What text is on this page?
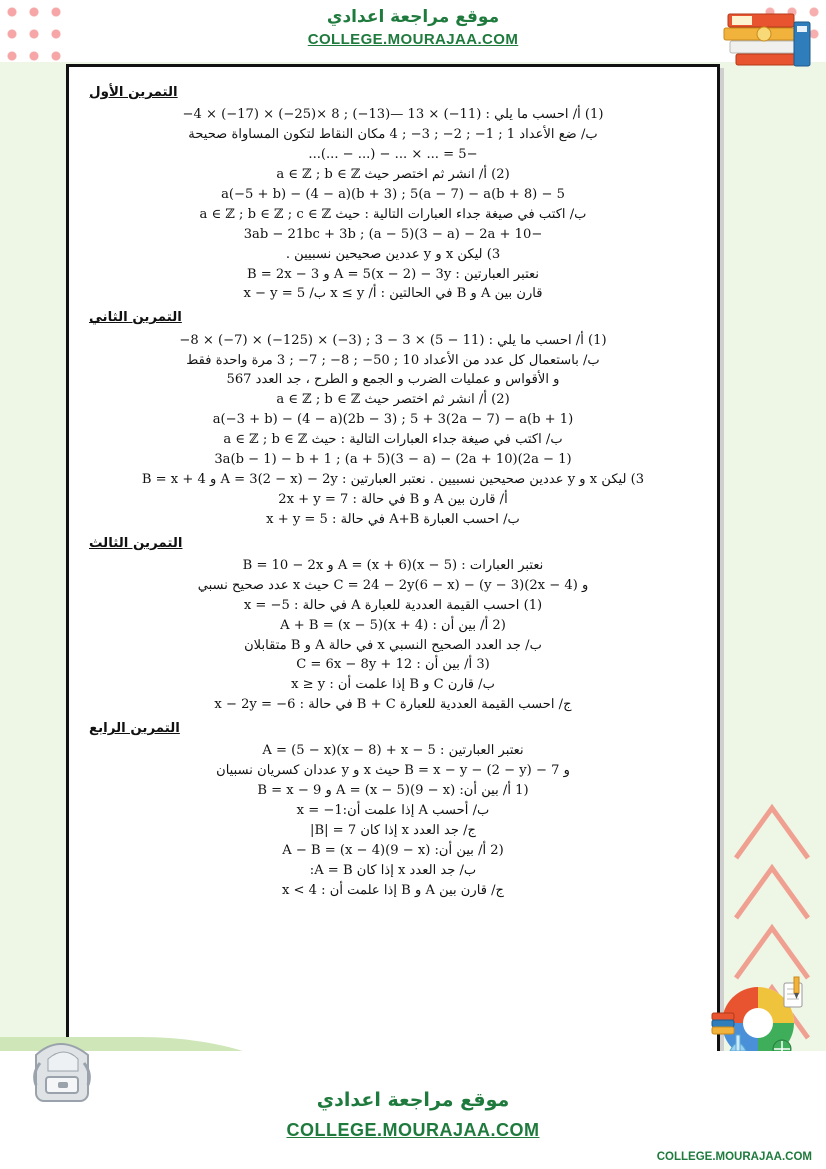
موقع مراجعة اعدادي
COLLEGE.MOURAJAA.COM
التمرين الأول
(1) أ/ احسب ما يلي : (11−) × 13 —(13−) ; 8 ×(25−) × (17−) × 4−
ب/ ضع الأعداد 1 ; 1− ; 2− ; 3− ; 4 مكان النقاط لتكون المساواة صحيحة
−5 = ... × ... − (... − ...)...
(2) أ/ انشر ثم اختصر حيث a ∈ ℤ ; b ∈ ℤ
a(−5 + b) − (4 − a)(b + 3) ; 5(a − 7) − a(b + 8) − 5
ب/ اكتب في صيغة جداء العبارات التالية : حيث a ∈ ℤ ; b ∈ ℤ ; c ∈ ℤ
−3ab − 21bc + 3b ; (a − 5)(3 − a) − 2a + 10
3) ليكن x و y عددين صحيحين نسبيين .
نعتبر العبارتين : A = 5(x − 2) − 3y و B = 2x − 3
قارن بين A و B في الحالتين : أ/ x ≤ y ب/ x − y = 5
التمرين الثاني
(1) أ/ احسب ما يلي : (11 − 5) × 3 − 3 ; (3−) × (125−) × (7−) × 8−
ب/ باستعمال كل عدد من الأعداد 10 ; 50− ; 8− ; 7− ; 3 مرة واحدة فقط
و الأقواس و عمليات الضرب و الجمع و الطرح ، جد العدد 567
(2) أ/ انشر ثم اختصر حيث a ∈ ℤ ; b ∈ ℤ
a(−3 + b) − (4 − a)(2b − 3) ; 5 + 3(2a − 7) − a(b + 1)
ب/ اكتب في صيغة جداء العبارات التالية : حيث a ∈ ℤ ; b ∈ ℤ
3a(b − 1) − b + 1 ; (a + 5)(3 − a) − (2a + 10)(2a − 1)
3) ليكن x و y عددين صحيحين نسبيين . نعتبر العبارتين : A = 3(2 − x) − 2y و B = x + 4
أ/ قارن بين A و B في حالة : 7 = 2x + y
ب/ احسب العبارة A+B في حالة : 5 = x + y
التمرين الثالث
نعتبر العبارات : A = (x + 6)(x − 5) و B = 10 − 2x
و C = 24 − 2y(6 − x) − (y − 3)(2x − 4) حيث x عدد صحيح نسبي
(1) احسب القيمة العددية للعبارة A في حالة : x = −5
(2 أ/ بين أن : A + B = (x − 5)(x + 4)
ب/ جد العدد الصحيح النسبي x في حالة A و B متقابلان
(3 أ/ بين أن : C = 6x − 8y + 12
ب/ قارن C و B إذا علمت أن : x ≥ y
ج/ احسب القيمة العددية للعبارة B + C في حالة : 6− = x − 2y
التمرين الرابع
نعتبر العبارتين : A = (5 − x)(x − 8) + x − 5
و B = x − y − (2 − y) − 7 حيث x و y عددان كسريان نسبيان
(1 أ/ بين أن: A = (x − 5)(9 − x) و B = x − 9
ب/ أحسب A إذا علمت أن:1− = x
ج/ جد العدد x إذا كان 7 = |B|
(2 أ/ بين أن: A − B = (x − 4)(9 − x)
ب/ جد العدد x إذا كان A = B:
ج/ قارن بين A و B إذا علمت أن : x < 4
موقع مراجعة اعدادي
COLLEGE.MOURAJAA.COM
COLLEGE.MOURAJAA.COM
